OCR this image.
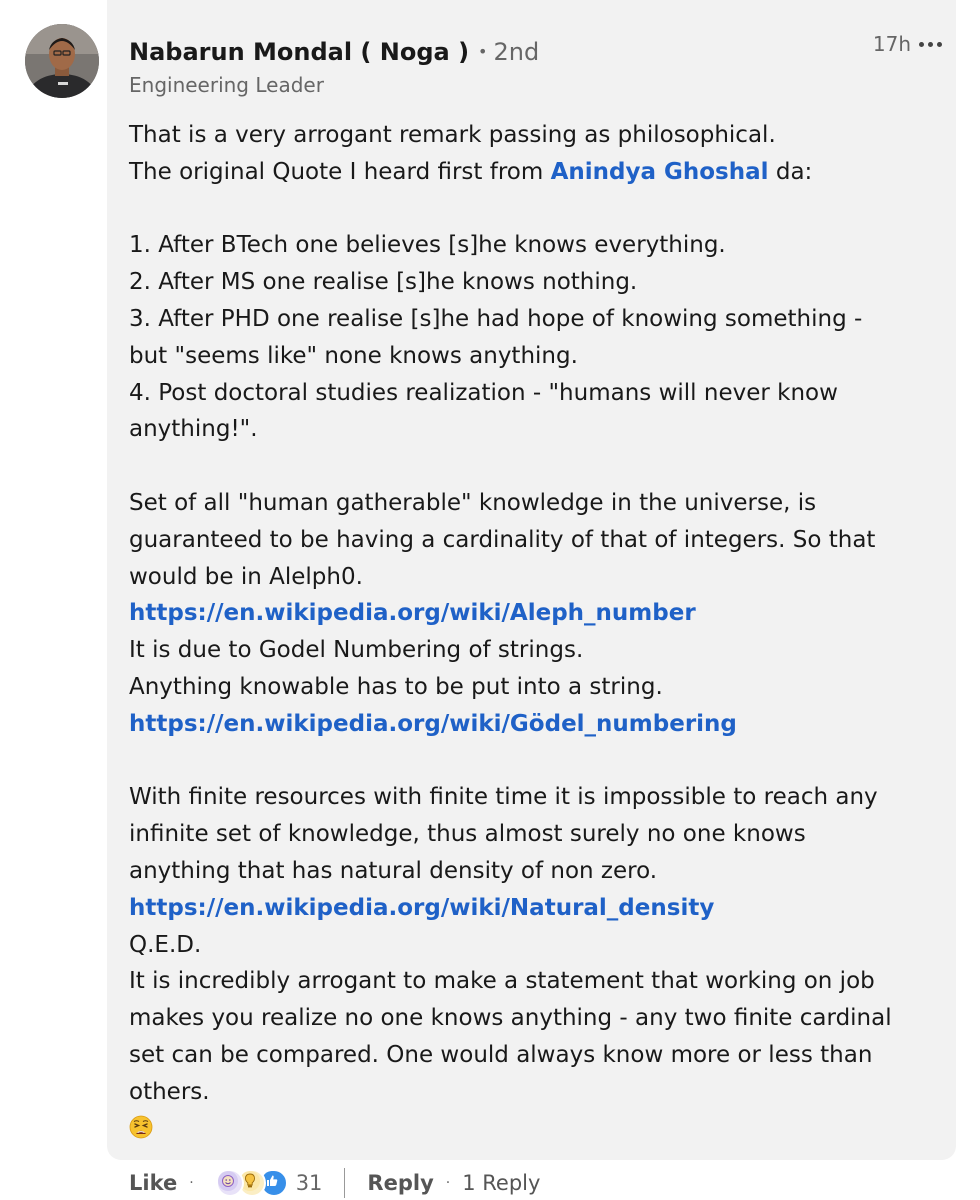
Nabarun Mondal ( Noga ) • 2nd
Engineering Leader
17h
That is a very arrogant remark passing as philosophical.
The original Quote I heard first from Anindya Ghoshal da:
1. After BTech one believes [s]he knows everything.
2. After MS one realise [s]he knows nothing.
3. After PHD one realise [s]he had hope of knowing something -
but "seems like" none knows anything.
4. Post doctoral studies realization - "humans will never know
anything!".
Set of all "human gatherable" knowledge in the universe, is
guaranteed to be having a cardinality of that of integers. So that
would be in Alelph0.
https://en.wikipedia.org/wiki/Aleph_number
It is due to Godel Numbering of strings.
Anything knowable has to be put into a string.
https://en.wikipedia.org/wiki/Gödel_numbering
With finite resources with finite time it is impossible to reach any
infinite set of knowledge, thus almost surely no one knows
anything that has natural density of non zero.
https://en.wikipedia.org/wiki/Natural_density
Q.E.D.
It is incredibly arrogant to make a statement that working on job
makes you realize no one knows anything - any two finite cardinal
set can be compared. One would always know more or less than
others.
Like ·	31 Reply · 1 Reply
